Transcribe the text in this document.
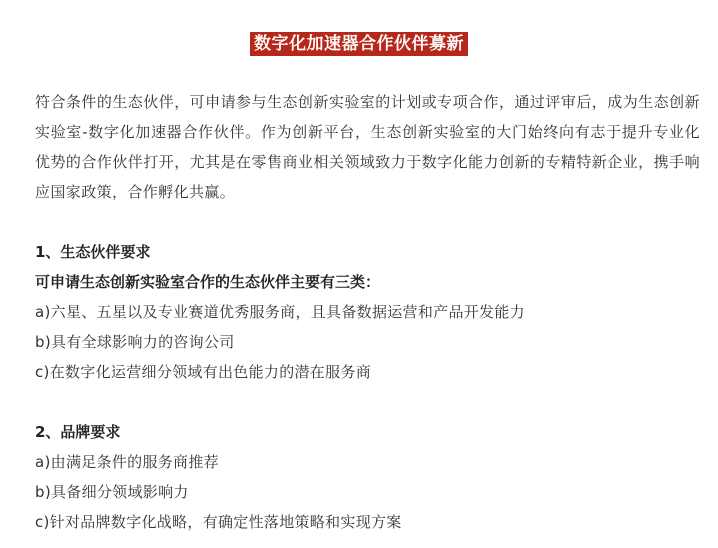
数字化加速器合作伙伴募新

符合条件的生态伙伴，可申请参与生态创新实验室的计划或专项合作，通过评审后，成为生态创新实验室-数字化加速器合作伙伴。作为创新平台，生态创新实验室的大门始终向有志于提升专业化优势的合作伙伴打开，尤其是在零售商业相关领域致力于数字化能力创新的专精特新企业，携手响应国家政策，合作孵化共赢。

1、生态伙伴要求
可申请生态创新实验室合作的生态伙伴主要有三类：
a)六星、五星以及专业赛道优秀服务商，且具备数据运营和产品开发能力
b)具有全球影响力的咨询公司
c)在数字化运营细分领域有出色能力的潜在服务商
2、品牌要求
a)由满足条件的服务商推荐
b)具备细分领域影响力
c)针对品牌数字化战略，有确定性落地策略和实现方案
